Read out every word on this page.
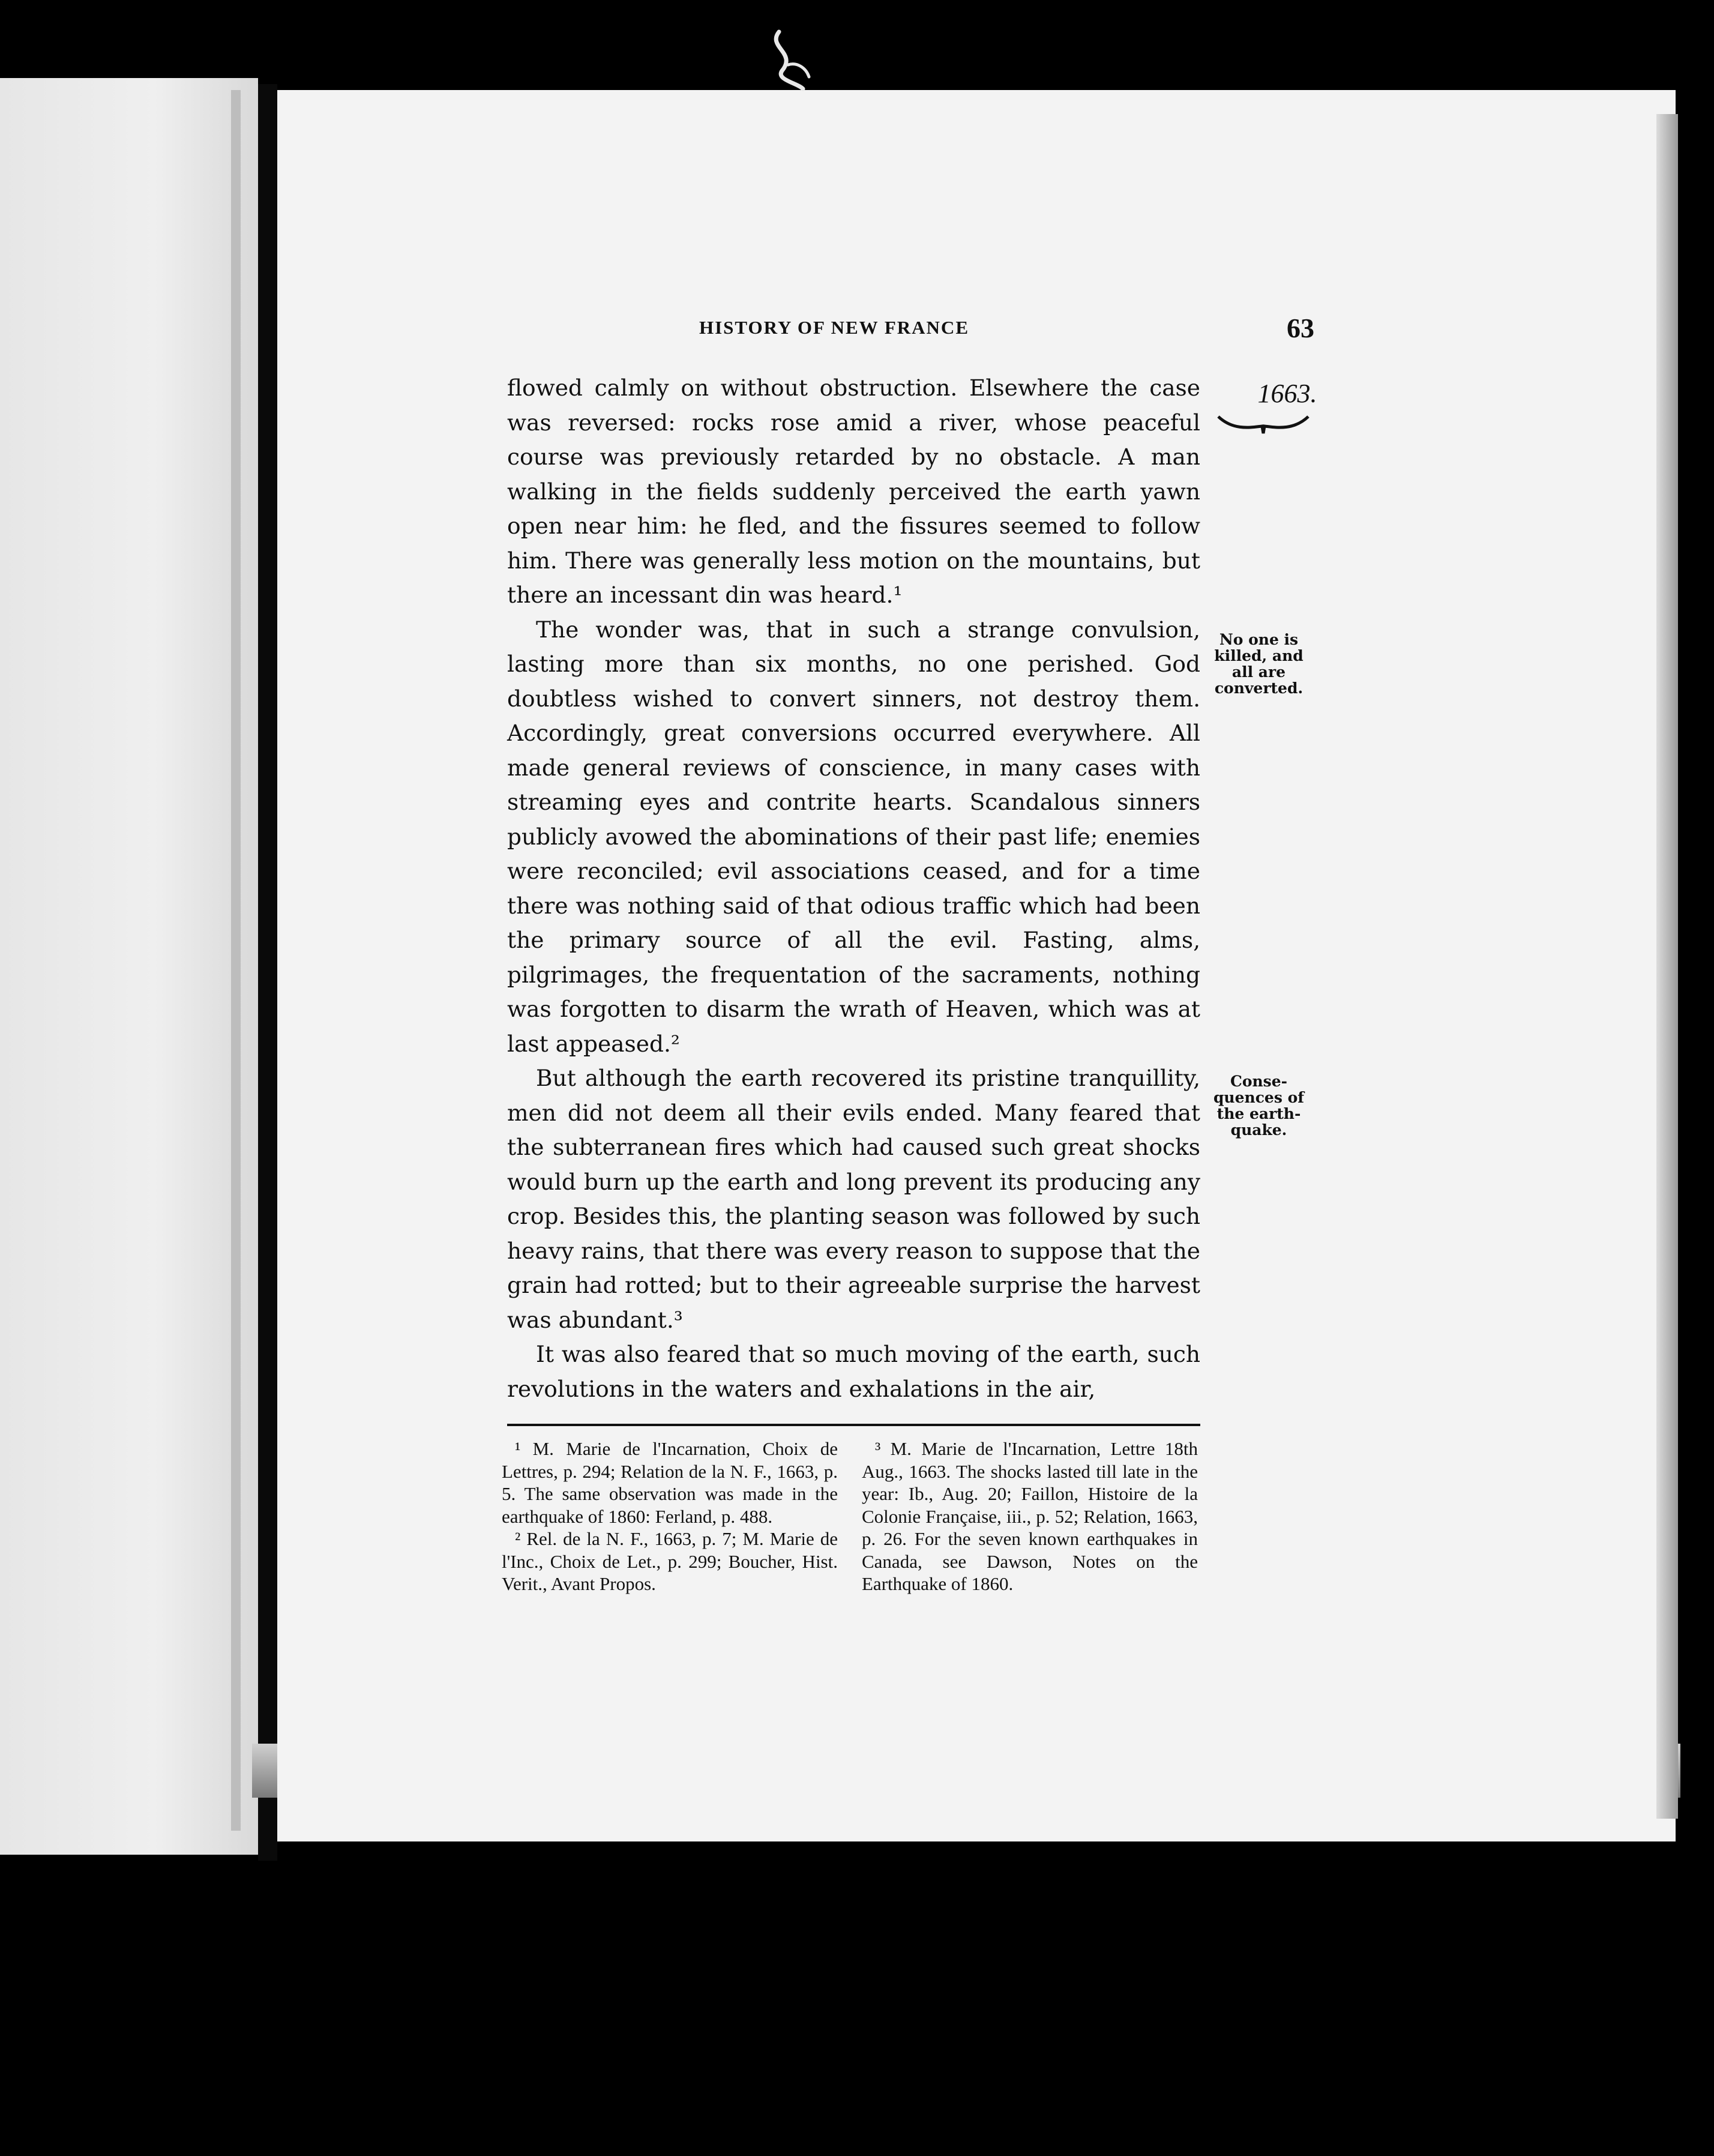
HISTORY OF NEW FRANCE	63
1663.
No one is killed, and all are converted.
Conse-quences of the earth-quake.

flowed calmly on without obstruction. Elsewhere the case was reversed: rocks rose amid a river, whose peaceful course was previously retarded by no obstacle. A man walking in the fields suddenly perceived the earth yawn open near him: he fled, and the fissures seemed to follow him. There was generally less motion on the mountains, but there an incessant din was heard.¹

The wonder was, that in such a strange convulsion, lasting more than six months, no one perished. God doubtless wished to convert sinners, not destroy them. Accordingly, great conversions occurred everywhere. All made general reviews of conscience, in many cases with streaming eyes and contrite hearts. Scandalous sinners publicly avowed the abominations of their past life; enemies were reconciled; evil associations ceased, and for a time there was nothing said of that odious traffic which had been the primary source of all the evil. Fasting, alms, pilgrimages, the frequentation of the sacraments, nothing was forgotten to disarm the wrath of Heaven, which was at last appeased.²

But although the earth recovered its pristine tranquillity, men did not deem all their evils ended. Many feared that the subterranean fires which had caused such great shocks would burn up the earth and long prevent its producing any crop. Besides this, the planting season was followed by such heavy rains, that there was every reason to suppose that the grain had rotted; but to their agreeable surprise the harvest was abundant.³

It was also feared that so much moving of the earth, such revolutions in the waters and exhalations in the air,

¹ M. Marie de l'Incarnation, Choix de Lettres, p. 294; Relation de la N. F., 1663, p. 5. The same observation was made in the earthquake of 1860: Ferland, p. 488.

² Rel. de la N. F., 1663, p. 7; M. Marie de l'Inc., Choix de Let., p. 299; Boucher, Hist. Verit., Avant Propos.

³ M. Marie de l'Incarnation, Lettre 18th Aug., 1663. The shocks lasted till late in the year: Ib., Aug. 20; Faillon, Histoire de la Colonie Française, iii., p. 52; Relation, 1663, p. 26. For the seven known earthquakes in Canada, see Dawson, Notes on the Earthquake of 1860.
